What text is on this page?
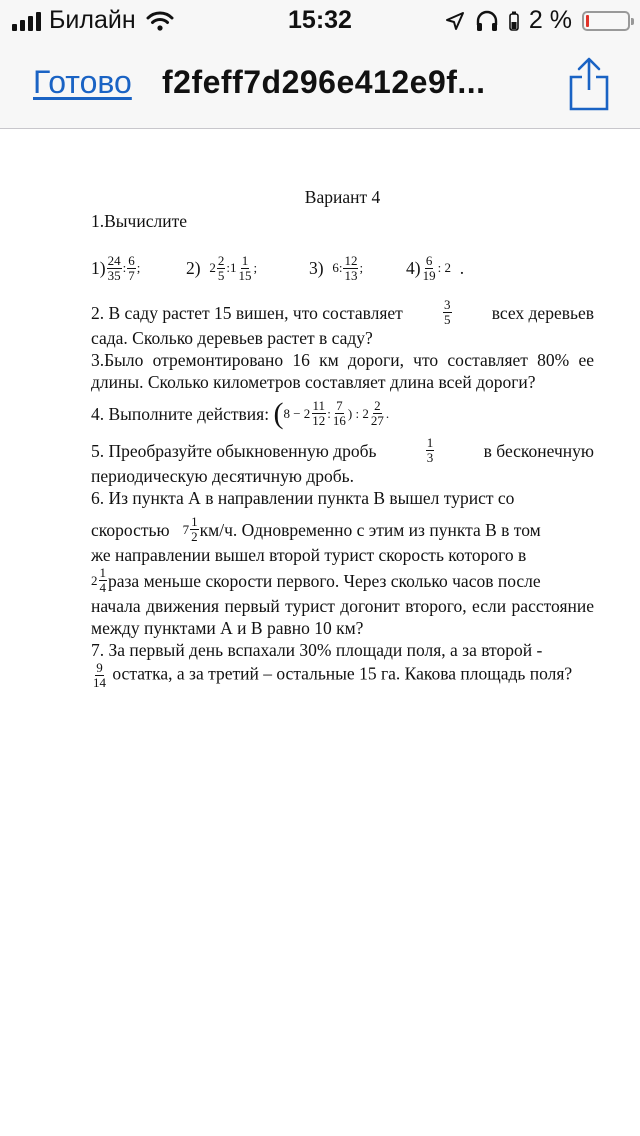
Билайн	15:32	2 %
Готово f2feff7d296e412e9f...
Вариант 4
1.Вычислите
$1) \frac{24}{35}$ : $\frac{6}{7}$ ;	2)
$2 \frac{2}{5}$ :1 $\frac{1}{15}$ ;	3)
6 : $\frac{12}{13}$ ; $4) \frac{6}{19}$ : 2
.
2. В саду растет 15 вишен, что составляет	$\frac{3}{5}$ всех деревьев
сада. Сколько деревьев растет в саду?

3.Было отремонтировано 16 км дороги, что составляет 80% ее длины. Сколько километров составляет длина всей дороги?

4. Выполните действия:
( $8 - 2 \frac{11}{12}$ : $\frac{7}{16}$ ) : $2 \frac{2}{27}$ .
5. Преобразуйте обыкновенную дробь	$\frac{1}{3}$	в бесконечную
периодическую десятичную дробь.
6. Из пункта А в направлении пункта В вышел турист со
скоростью
$7 \frac{1}{2} км/ч$. Одновременно с этим из пункта В в том
же направлении вышел второй турист скорость которого в
$2 \frac{1}{4}$ раза меньше скорости первого. Через сколько часов после

начала движения первый турист догонит второго, если расстояние между пунктами А и В равно 10 км?

7. За первый день вспахали 30% площади поля, а за второй -
$\frac{9}{14}$ остатка, а за третий – остальные 15 га. Какова площадь поля?
